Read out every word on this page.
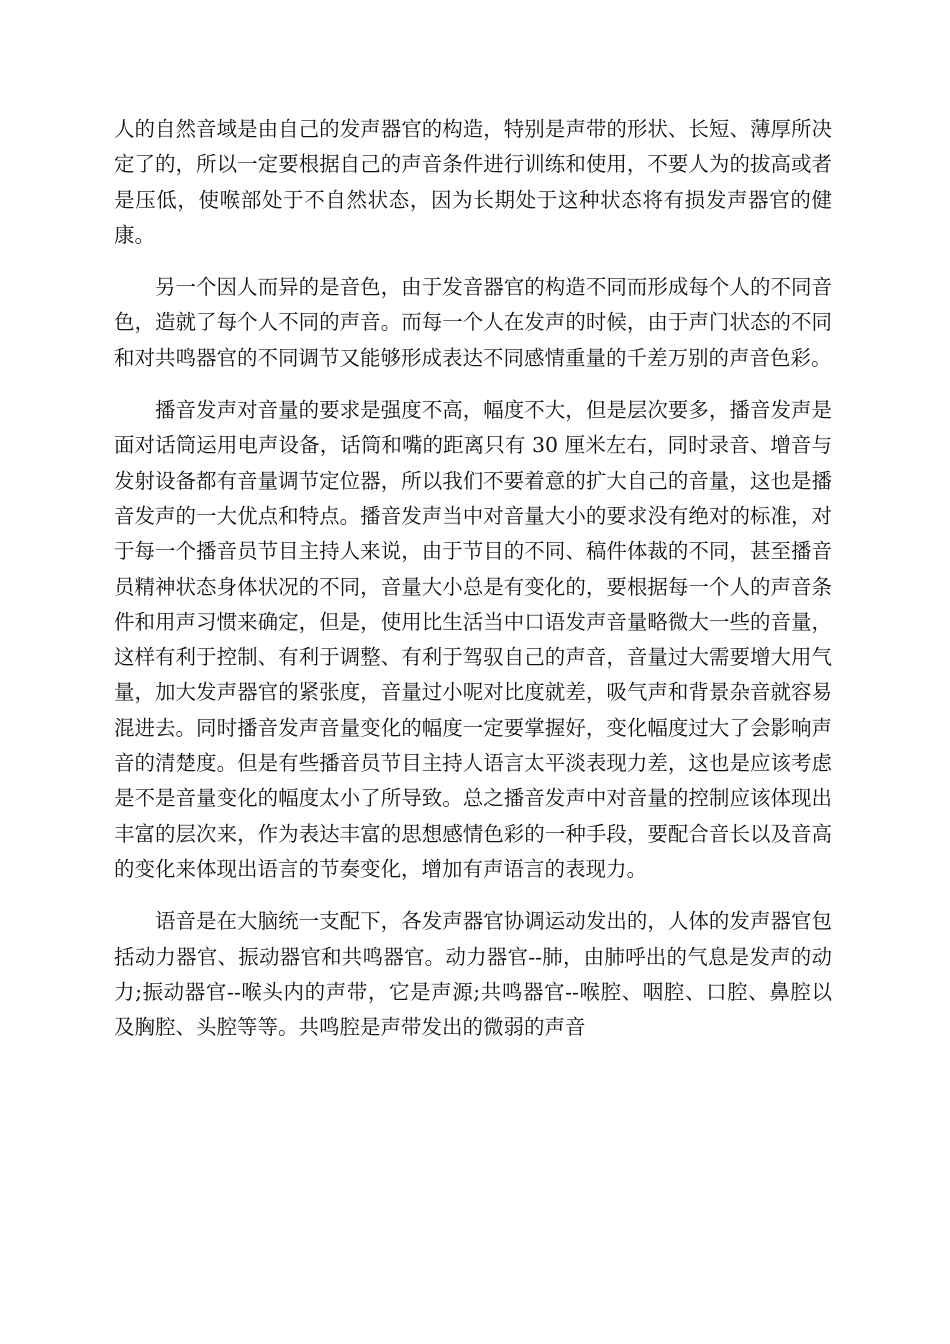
人的自然音域是由自己的发声器官的构造，特别是声带的形状、长短、薄厚所决定了的，所以一定要根据自己的声音条件进行训练和使用，不要人为的拔高或者是压低，使喉部处于不自然状态，因为长期处于这种状态将有损发声器官的健康。

另一个因人而异的是音色，由于发音器官的构造不同而形成每个人的不同音色，造就了每个人不同的声音。而每一个人在发声的时候，由于声门状态的不同和对共鸣器官的不同调节又能够形成表达不同感情重量的千差万别的声音色彩。

播音发声对音量的要求是强度不高，幅度不大，但是层次要多，播音发声是面对话筒运用电声设备，话筒和嘴的距离只有 30 厘米左右，同时录音、增音与发射设备都有音量调节定位器，所以我们不要着意的扩大自己的音量，这也是播音发声的一大优点和特点。播音发声当中对音量大小的要求没有绝对的标准，对于每一个播音员节目主持人来说，由于节目的不同、稿件体裁的不同，甚至播音员精神状态身体状况的不同，音量大小总是有变化的，要根据每一个人的声音条件和用声习惯来确定，但是，使用比生活当中口语发声音量略微大一些的音量，这样有利于控制、有利于调整、有利于驾驭自己的声音，音量过大需要增大用气量，加大发声器官的紧张度，音量过小呢对比度就差，吸气声和背景杂音就容易混进去。同时播音发声音量变化的幅度一定要掌握好，变化幅度过大了会影响声音的清楚度。但是有些播音员节目主持人语言太平淡表现力差，这也是应该考虑是不是音量变化的幅度太小了所导致。总之播音发声中对音量的控制应该体现出丰富的层次来，作为表达丰富的思想感情色彩的一种手段，要配合音长以及音高的变化来体现出语言的节奏变化，增加有声语言的表现力。

语音是在大脑统一支配下，各发声器官协调运动发出的，人体的发声器官包括动力器官、振动器官和共鸣器官。动力器官--肺，由肺呼出的气息是发声的动力;振动器官--喉头内的声带，它是声源;共鸣器官--喉腔、咽腔、口腔、鼻腔以及胸腔、头腔等等。共鸣腔是声带发出的微弱的声音
